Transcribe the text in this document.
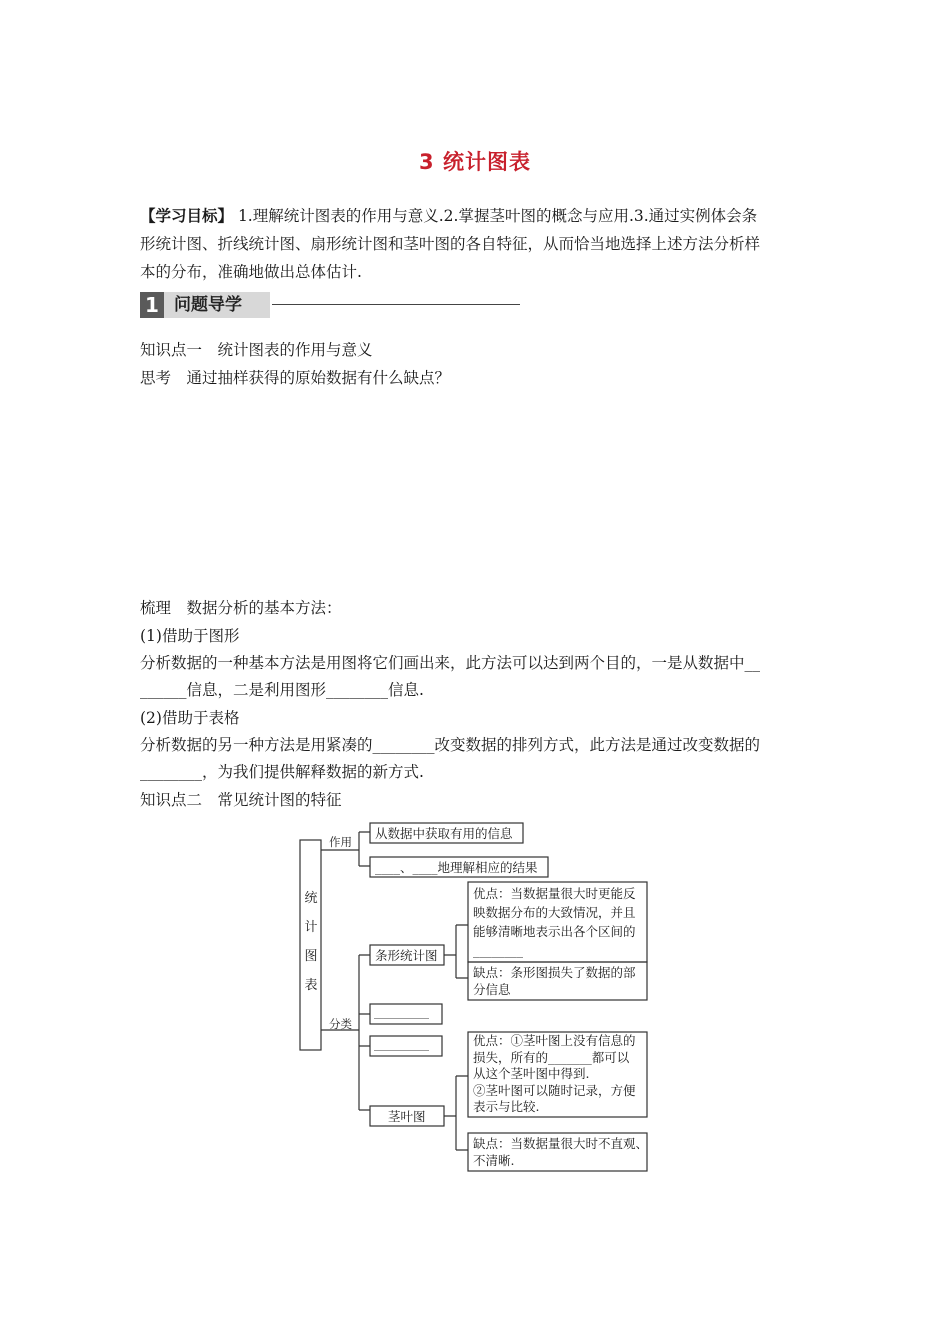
3 统计图表
【学习目标】 1.理解统计图表的作用与意义.2.掌握茎叶图的概念与应用.3.通过实例体会条
形统计图、折线统计图、扇形统计图和茎叶图的各自特征，从而恰当地选择上述方法分析样
本的分布，准确地做出总体估计.
1 问题导学
知识点一　统计图表的作用与意义
思考　通过抽样获得的原始数据有什么缺点？
梳理　数据分析的基本方法：
(1)借助于图形
分析数据的一种基本方法是用图将它们画出来，此方法可以达到两个目的，一是从数据中__
______信息，二是利用图形________信息.
(2)借助于表格
分析数据的另一种方法是用紧凑的________改变数据的排列方式，此方法是通过改变数据的
________，为我们提供解释数据的新方式.
知识点二　常见统计图的特征
统
计
图
表
作用
分类
从数据中获取有用的信息
____、____地理解相应的结果
条形统计图
__________
__________
茎叶图
优点：当数据量很大时更能反
映数据分布的大致情况，并且
能够清晰地表示出各个区间的
________
缺点：条形图损失了数据的部
分信息
优点：①茎叶图上没有信息的
损失，所有的_______都可以
从这个茎叶图中得到.
②茎叶图可以随时记录，方便
表示与比较.
缺点：当数据量很大时不直观、
不清晰.
